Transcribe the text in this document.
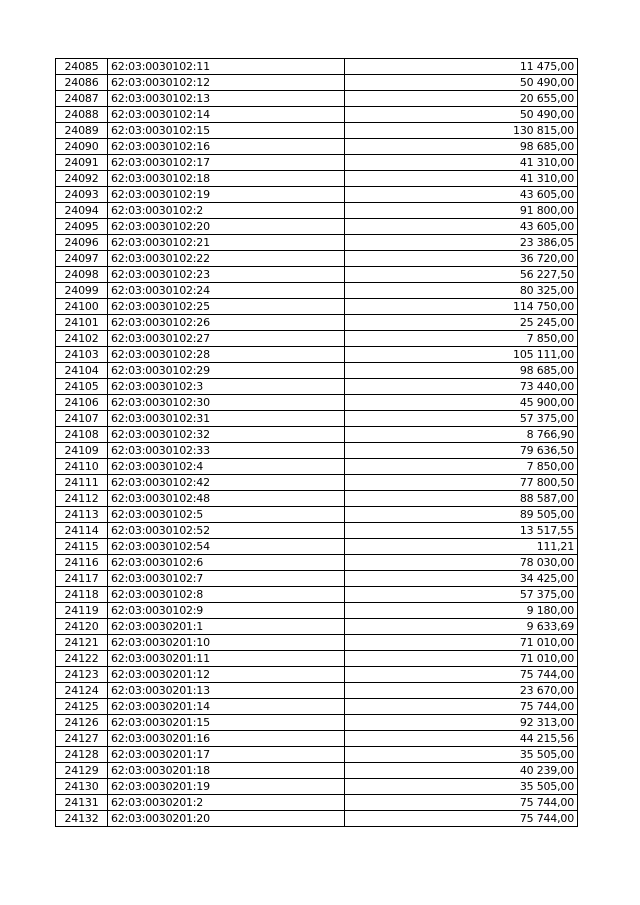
24085	62:03:0030102:11	11 475,00
24086	62:03:0030102:12	50 490,00
24087	62:03:0030102:13	20 655,00
24088	62:03:0030102:14	50 490,00
24089	62:03:0030102:15	130 815,00
24090	62:03:0030102:16	98 685,00
24091	62:03:0030102:17	41 310,00
24092	62:03:0030102:18	41 310,00
24093	62:03:0030102:19	43 605,00
24094	62:03:0030102:2	91 800,00
24095	62:03:0030102:20	43 605,00
24096	62:03:0030102:21	23 386,05
24097	62:03:0030102:22	36 720,00
24098	62:03:0030102:23	56 227,50
24099	62:03:0030102:24	80 325,00
24100	62:03:0030102:25	114 750,00
24101	62:03:0030102:26	25 245,00
24102	62:03:0030102:27	7 850,00
24103	62:03:0030102:28	105 111,00
24104	62:03:0030102:29	98 685,00
24105	62:03:0030102:3	73 440,00
24106	62:03:0030102:30	45 900,00
24107	62:03:0030102:31	57 375,00
24108	62:03:0030102:32	8 766,90
24109	62:03:0030102:33	79 636,50
24110	62:03:0030102:4	7 850,00
24111	62:03:0030102:42	77 800,50
24112	62:03:0030102:48	88 587,00
24113	62:03:0030102:5	89 505,00
24114	62:03:0030102:52	13 517,55
24115	62:03:0030102:54	111,21
24116	62:03:0030102:6	78 030,00
24117	62:03:0030102:7	34 425,00
24118	62:03:0030102:8	57 375,00
24119	62:03:0030102:9	9 180,00
24120	62:03:0030201:1	9 633,69
24121	62:03:0030201:10	71 010,00
24122	62:03:0030201:11	71 010,00
24123	62:03:0030201:12	75 744,00
24124	62:03:0030201:13	23 670,00
24125	62:03:0030201:14	75 744,00
24126	62:03:0030201:15	92 313,00
24127	62:03:0030201:16	44 215,56
24128	62:03:0030201:17	35 505,00
24129	62:03:0030201:18	40 239,00
24130	62:03:0030201:19	35 505,00
24131	62:03:0030201:2	75 744,00
24132	62:03:0030201:20	75 744,00
